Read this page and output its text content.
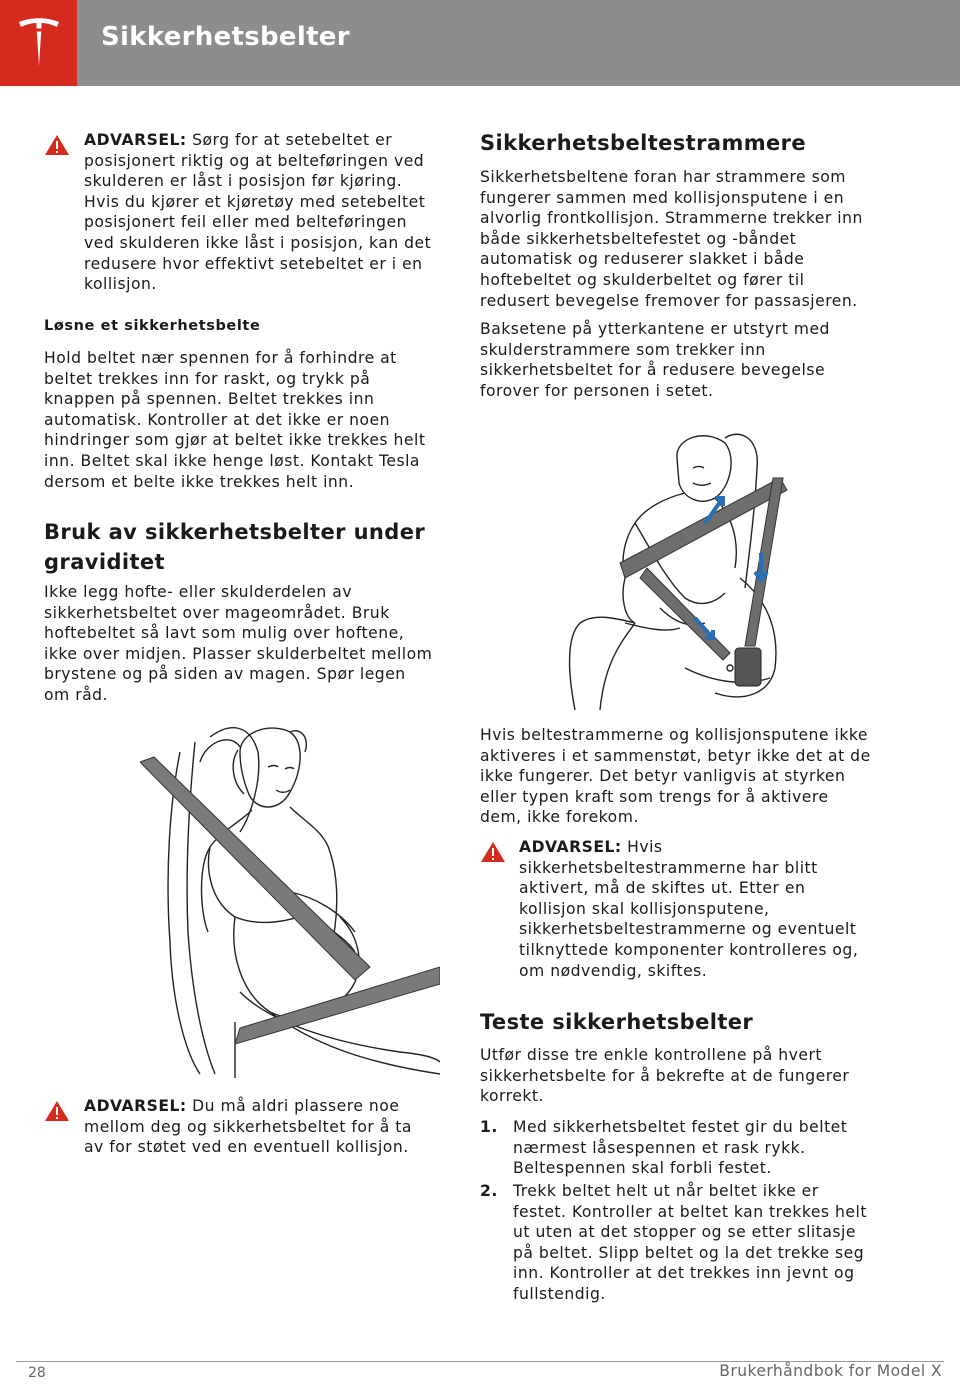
Sikkerhetsbelter
ADVARSEL: Sørg for at setebeltet er
posisjonert riktig og at belteføringen ved
skulderen er låst i posisjon før kjøring.
Hvis du kjører et kjøretøy med setebeltet
posisjonert feil eller med belteføringen
ved skulderen ikke låst i posisjon, kan det
redusere hvor effektivt setebeltet er i en
kollisjon.
Løsne et sikkerhetsbelte
Hold beltet nær spennen for å forhindre at
beltet trekkes inn for raskt, og trykk på
knappen på spennen. Beltet trekkes inn
automatisk. Kontroller at det ikke er noen
hindringer som gjør at beltet ikke trekkes helt
inn. Beltet skal ikke henge løst. Kontakt Tesla
dersom et belte ikke trekkes helt inn.
Bruk av sikkerhetsbelter under
graviditet
Ikke legg hofte- eller skulderdelen av
sikkerhetsbeltet over mageområdet. Bruk
hoftebeltet så lavt som mulig over hoftene,
ikke over midjen. Plasser skulderbeltet mellom
brystene og på siden av magen. Spør legen
om råd.
ADVARSEL: Du må aldri plassere noe
mellom deg og sikkerhetsbeltet for å ta
av for støtet ved en eventuell kollisjon.
Sikkerhetsbeltestrammere
Sikkerhetsbeltene foran har strammere som
fungerer sammen med kollisjonsputene i en
alvorlig frontkollisjon. Strammerne trekker inn
både sikkerhetsbeltefestet og -båndet
automatisk og reduserer slakket i både
hoftebeltet og skulderbeltet og fører til
redusert bevegelse fremover for passasjeren.
Baksetene på ytterkantene er utstyrt med
skulderstrammere som trekker inn
sikkerhetsbeltet for å redusere bevegelse
forover for personen i setet.
Hvis beltestrammerne og kollisjonsputene ikke
aktiveres i et sammenstøt, betyr ikke det at de
ikke fungerer. Det betyr vanligvis at styrken
eller typen kraft som trengs for å aktivere
dem, ikke forekom.
ADVARSEL: Hvis
sikkerhetsbeltestrammerne har blitt
aktivert, må de skiftes ut. Etter en
kollisjon skal kollisjonsputene,
sikkerhetsbeltestrammerne og eventuelt
tilknyttede komponenter kontrolleres og,
om nødvendig, skiftes.
Teste sikkerhetsbelter
Utfør disse tre enkle kontrollene på hvert
sikkerhetsbelte for å bekrefte at de fungerer
korrekt.
1. Med sikkerhetsbeltet festet gir du beltet
nærmest låsespennen et rask rykk.
Beltespennen skal forbli festet.
2. Trekk beltet helt ut når beltet ikke er
festet. Kontroller at beltet kan trekkes helt
ut uten at det stopper og se etter slitasje
på beltet. Slipp beltet og la det trekke seg
inn. Kontroller at det trekkes inn jevnt og
fullstendig.
28	Brukerhåndbok for Model X
